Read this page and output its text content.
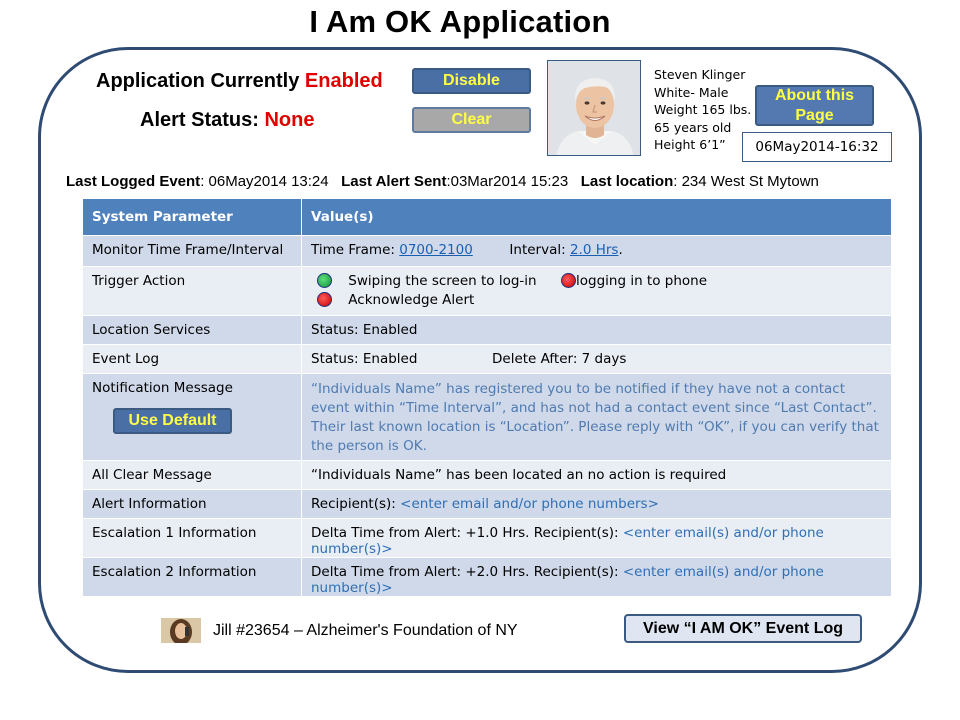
I Am OK Application
Application Currently Enabled
Alert Status: None
Disable
Clear
Steven Klinger
White- Male
Weight 165 lbs.
65 years old
Height 6’1”
About this Page
06May2014-16:32
Last Logged Event: 06May2014 13:24 Last Alert Sent:03Mar2014 15:23 Last location: 234 West St Mytown
System Parameter	Value(s)
Monitor Time Frame/Interval	Time Frame: 0700-2100 Interval: 2.0 Hrs.
Trigger Action	Swiping the screen to log-in logging in to phone
Acknowledge Alert

Location Services	Status: Enabled
Event Log	Status: Enabled Delete After: 7 days
Notification Message	“Individuals Name” has registered you to be notified if they have not a contact event within “Time Interval”, and has not had a contact event since “Last Contact”. Their last known location is “Location”. Please reply with “OK”, if you can verify that the person is OK.
All Clear Message	“Individuals Name” has been located an no action is required
Alert Information	Recipient(s): <enter email and/or phone numbers>
Escalation 1 Information	Delta Time from Alert: +1.0 Hrs. Recipient(s): <enter email(s) and/or phone number(s)>
Escalation 2 Information	Delta Time from Alert: +2.0 Hrs. Recipient(s): <enter email(s) and/or phone number(s)>
Use Default
Jill #23654 – Alzheimer's Foundation of NY	View “I AM OK” Event Log
